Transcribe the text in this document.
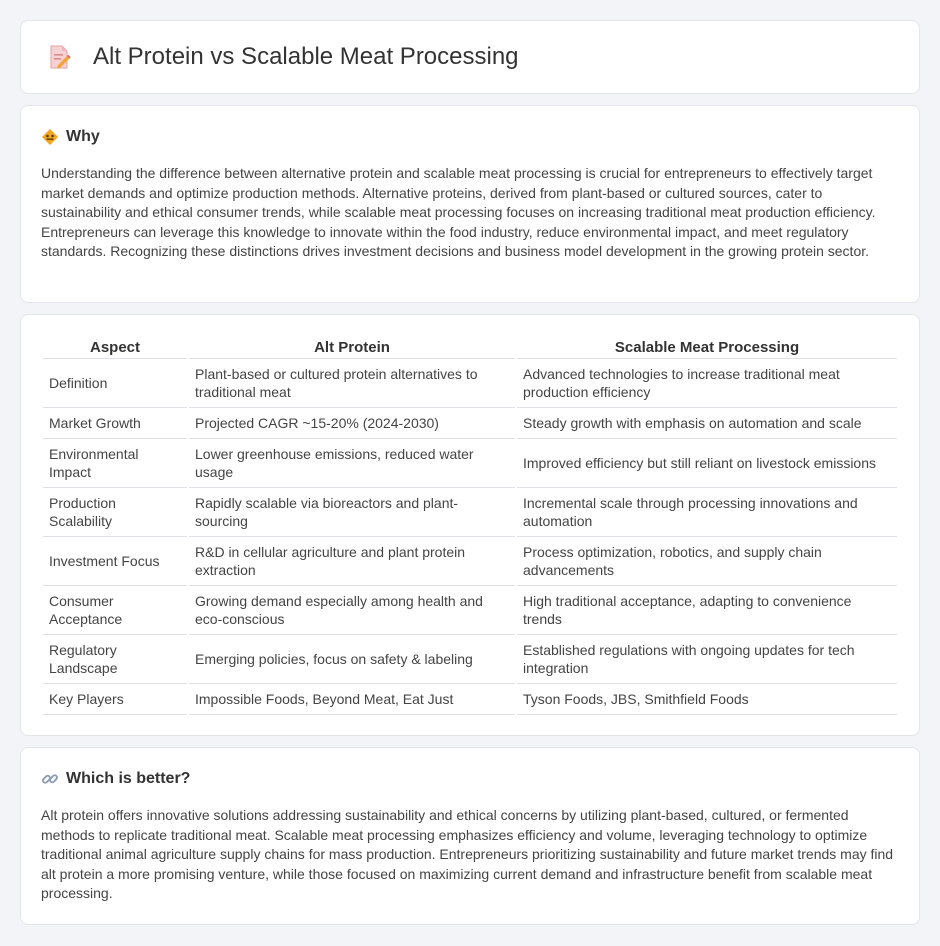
Alt Protein vs Scalable Meat Processing
Why

Understanding the difference between alternative protein and scalable meat processing is crucial for entrepreneurs to effectively target market demands and optimize production methods. Alternative proteins, derived from plant-based or cultured sources, cater to sustainability and ethical consumer trends, while scalable meat processing focuses on increasing traditional meat production efficiency. Entrepreneurs can leverage this knowledge to innovate within the food industry, reduce environmental impact, and meet regulatory standards. Recognizing these distinctions drives investment decisions and business model development in the growing protein sector.

Aspect	Alt Protein	Scalable Meat Processing
Definition	Plant-based or cultured protein alternatives to traditional meat	Advanced technologies to increase traditional meat production efficiency
Market Growth	Projected CAGR ~15-20% (2024-2030)	Steady growth with emphasis on automation and scale
Environmental Impact	Lower greenhouse emissions, reduced water usage	Improved efficiency but still reliant on livestock emissions
Production Scalability	Rapidly scalable via bioreactors and plant-sourcing	Incremental scale through processing innovations and automation
Investment Focus	R&D in cellular agriculture and plant protein extraction	Process optimization, robotics, and supply chain advancements
Consumer Acceptance	Growing demand especially among health and eco-conscious	High traditional acceptance, adapting to convenience trends
Regulatory Landscape	Emerging policies, focus on safety & labeling	Established regulations with ongoing updates for tech integration
Key Players	Impossible Foods, Beyond Meat, Eat Just	Tyson Foods, JBS, Smithfield Foods
Which is better?

Alt protein offers innovative solutions addressing sustainability and ethical concerns by utilizing plant-based, cultured, or fermented methods to replicate traditional meat. Scalable meat processing emphasizes efficiency and volume, leveraging technology to optimize traditional animal agriculture supply chains for mass production. Entrepreneurs prioritizing sustainability and future market trends may find alt protein a more promising venture, while those focused on maximizing current demand and infrastructure benefit from scalable meat processing.
